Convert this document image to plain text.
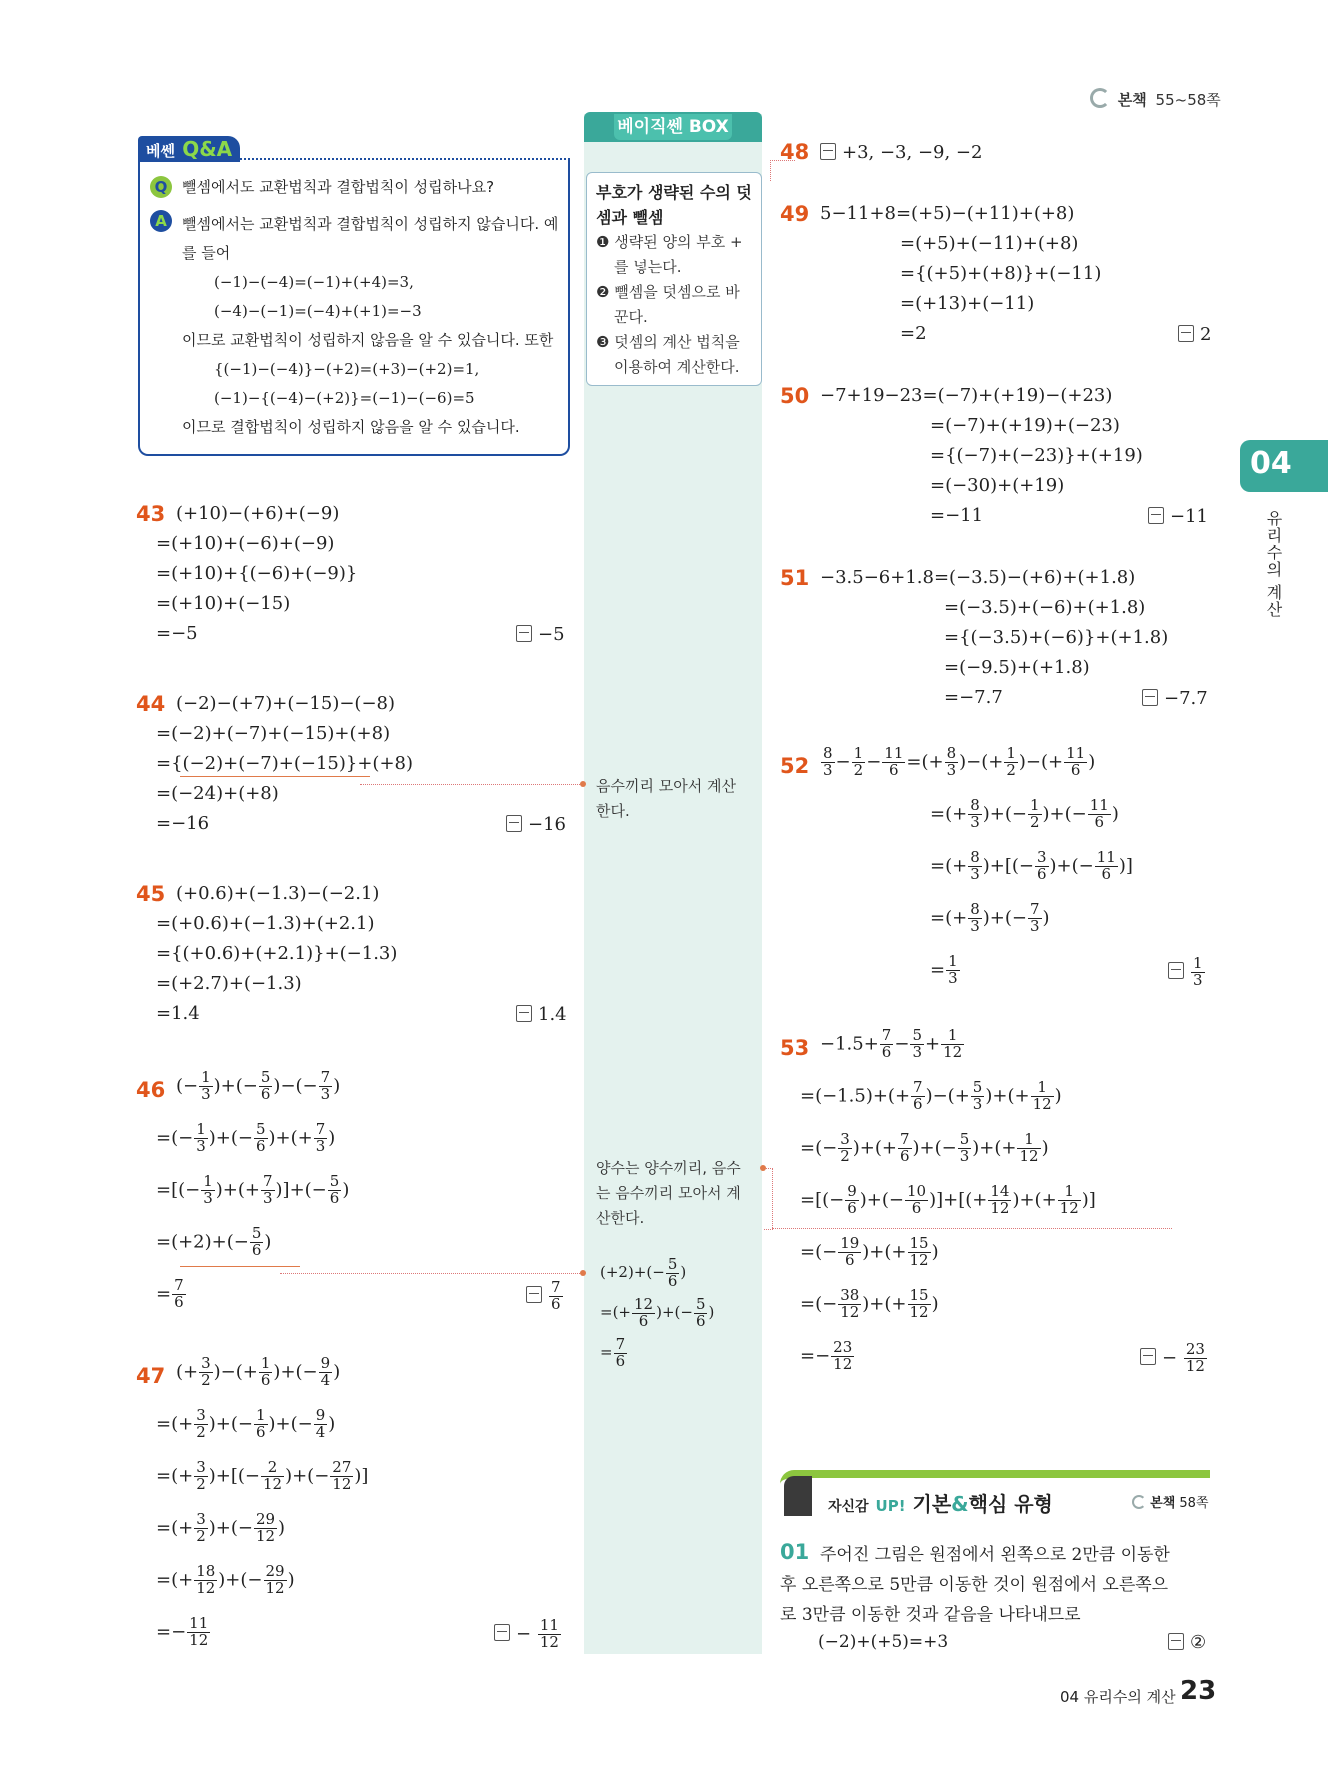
본책 55~58쪽
베이직쎈 BOX
부호가 생략된 수의 덧
셈과 뺄셈
❶ 생략된 양의 부호 +
를 넣는다.
❷ 뺄셈을 덧셈으로 바
꾼다.
❸ 덧셈의 계산 법칙을
이용하여 계산한다.
음수끼리 모아서 계산
한다.
양수는 양수끼리, 음수
는 음수끼리 모아서 계
산한다.
$(+2)+(- \frac{5}{6}$ )
=(+ $\frac{12}{6}$ )+(− $\frac{5}{6}$ )
= $\frac{7}{6}$
베쎈 Q&A
Q 뺄셈에서도 교환법칙과 결합법칙이 성립하나요?
A	뺄셈에서는 교환법칙과 결합법칙이 성립하지 않습니다. 예
를 들어
(−1)−(−4)=(−1)+(+4)=3,
(−4)−(−1)=(−4)+(+1)=−3
이므로 교환법칙이 성립하지 않음을 알 수 있습니다. 또한
{(−1)−(−4)}−(+2)=(+3)−(+2)=1,
(−1)−{(−4)−(+2)}=(−1)−(−6)=5
이므로 결합법칙이 성립하지 않음을 알 수 있습니다.
43 (+10)−(+6)+(−9)
=(+10)+(−6)+(−9)
=(+10)+{(−6)+(−9)}
=(+10)+(−15)
=−5	−5
44 (−2)−(+7)+(−15)−(−8)
=(−2)+(−7)+(−15)+(+8)
={(−2)+(−7)+(−15)}+(+8)
=(−24)+(+8)
=−16	−16
45 (+0.6)+(−1.3)−(−2.1)
=(+0.6)+(−1.3)+(+2.1)
={(+0.6)+(+2.1)}+(−1.3)
=(+2.7)+(−1.3)
=1.4	1.4
46 (− $\frac{1}{3}$ )+(− $\frac{5}{6}$ )−(− $\frac{7}{3}$ )
=(− $\frac{1}{3}$ )+(− $\frac{5}{6}$ )+(+ $\frac{7}{3}$ )
=[(− $\frac{1}{3}$ )+(+ $\frac{7}{3}$ )]+(− $\frac{5}{6}$ )
$=(+2)+(- \frac{5}{6}$ )
= $\frac{7}{6}$	$\frac{7}{6}$
47 (+ $\frac{3}{2}$ )−(+ $\frac{1}{6}$ )+(− $\frac{9}{4}$ )
=(+ $\frac{3}{2}$ )+(− $\frac{1}{6}$ )+(− $\frac{9}{4}$ )
=(+ $\frac{3}{2}$ )+[(− $\frac{2}{12}$ )+(− $\frac{27}{12}$ )]
=(+ $\frac{3}{2}$ )+(− $\frac{29}{12}$ )
=(+ $\frac{18}{12}$ )+(− $\frac{29}{12}$ )
=− $\frac{11}{12}$	− $\frac{11}{12}$
48	+3, −3, −9, −2
49 5−11+8=(+5)−(+11)+(+8)
=(+5)+(−11)+(+8)
={(+5)+(+8)}+(−11)
=(+13)+(−11)
=2	2
50 −7+19−23=(−7)+(+19)−(+23)
=(−7)+(+19)+(−23)
={(−7)+(−23)}+(+19)
=(−30)+(+19)
=−11	−11
51 −3.5−6+1.8=(−3.5)−(+6)+(+1.8)
=(−3.5)+(−6)+(+1.8)
={(−3.5)+(−6)}+(+1.8)
=(−9.5)+(+1.8)
=−7.7	−7.7
$52 \frac{8}{3} - \frac{1}{2} - \frac{11}{6}$ =(+ $\frac{8}{3}$ )−(+ $\frac{1}{2}$ )−(+ $\frac{11}{6}$ )
=(+ $\frac{8}{3}$ )+(− $\frac{1}{2}$ )+(− $\frac{11}{6}$ )
=(+ $\frac{8}{3}$ )+[(− $\frac{3}{6}$ )+(− $\frac{11}{6}$ )]
=(+ $\frac{8}{3}$ )+(− $\frac{7}{3}$ )
= $\frac{1}{3}$	$\frac{1}{3}$
$53 -1.5+ \frac{7}{6} - \frac{5}{3} + \frac{1}{12}$
$=(-1.5)+(+ \frac{7}{6}$ )−(+ $\frac{5}{3}$ )+(+ $\frac{1}{12}$ )
=(− $\frac{3}{2}$ )+(+ $\frac{7}{6}$ )+(− $\frac{5}{3}$ )+(+ $\frac{1}{12}$ )
=[(− $\frac{9}{6}$ )+(− $\frac{10}{6}$ )]+[(+ $\frac{14}{12}$ )+(+ $\frac{1}{12}$ )]
=(− $\frac{19}{6}$ )+(+ $\frac{15}{12}$ )
=(− $\frac{38}{12}$ )+(+ $\frac{15}{12}$ )
=− $\frac{23}{12}$	− $\frac{23}{12}$
자신감 UP! 기본&핵심 유형	본책 58쪽
01 주어진 그림은 원점에서 왼쪽으로 2만큼 이동한
후 오른쪽으로 5만큼 이동한 것이 원점에서 오른쪽으
로 3만큼 이동한 것과 같음을 나타내므로
(−2)+(+5)=+3	②
04
유리수의 계산
04 유리수의 계산 23
